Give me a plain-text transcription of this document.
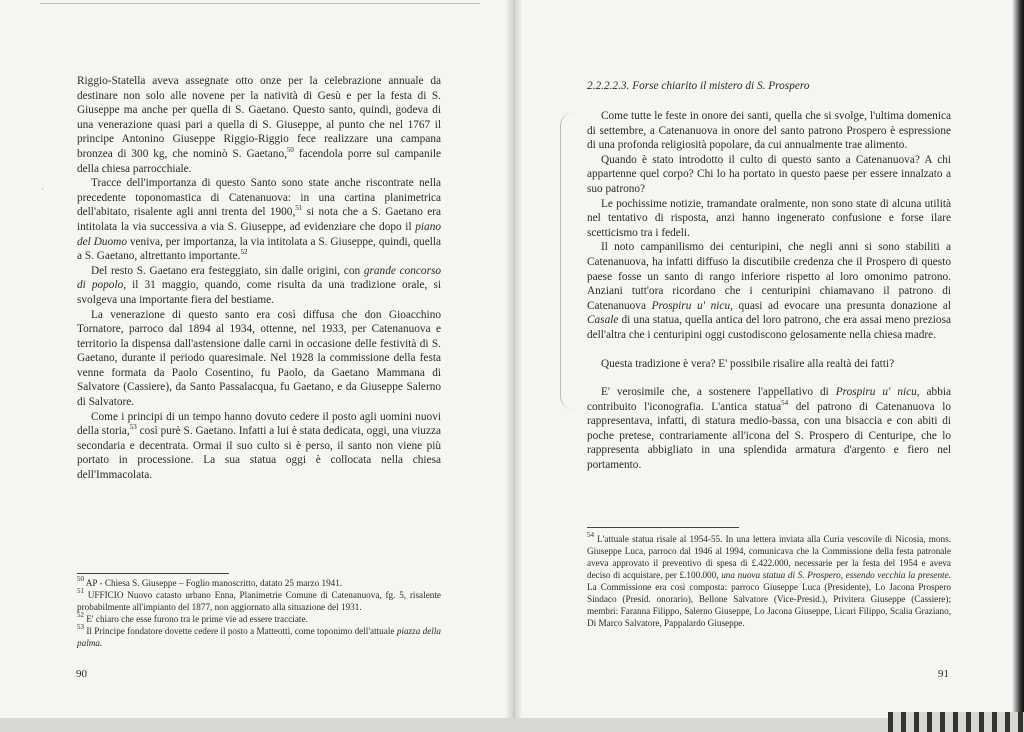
·

Riggio-Statella aveva assegnate otto onze per la celebrazione annuale da destinare non solo alle novene per la natività di Gesù e per la festa di S. Giuseppe ma anche per quella di S. Gaetano. Questo santo, quindi, godeva di una venerazione quasi pari a quella di S. Giuseppe, al punto che nel 1767 il principe Antonino Giuseppe Riggio-Riggio fece realizzare una campana bronzea di 300 kg, che nominò S. Gaetano,$^{50}$ facendola porre sul campanile della chiesa parrocchiale.

Tracce dell'importanza di questo Santo sono state anche riscontrate nella precedente toponomastica di Catenanuova: in una cartina planimetrica dell'abitato, risalente agli anni trenta del 1900,51 si nota che a S. Gaetano era intitolata la via successiva a via S. Giuseppe, ad evidenziare che dopo il piano del Duomo veniva, per importanza, la via intitolata a S. Giuseppe, quindi, quella a S. Gaetano, altrettanto importante.$^{52}$

Del resto S. Gaetano era festeggiato, sin dalle origini, con grande concorso di popolo, il 31 maggio, quando, come risulta da una tradizione orale, si svolgeva una importante fiera del bestiame.

La venerazione di questo santo era così diffusa che don Gioacchino Tornatore, parroco dal 1894 al 1934, ottenne, nel 1933, per Catenanuova e territorio la dispensa dall'astensione dalle carni in occasione delle festività di S. Gaetano, durante il periodo quaresimale. Nel 1928 la commissione della festa venne formata da Paolo Cosentino, fu Paolo, da Gaetano Mammana di Salvatore (Cassiere), da Santo Passalacqua, fu Gaetano, e da Giuseppe Salerno di Salvatore.

Come i principi di un tempo hanno dovuto cedere il posto agli uomini nuovi della storia,$^{53}$ così purè S. Gaetano. Infatti a lui è stata dedicata, oggi, una viuzza secondaria e decentrata. Ormai il suo culto si è perso, il santo non viene più portato in processione. La sua statua oggi è collocata nella chiesa dell'Immacolata.

$^{50}$ AP - Chiesa S. Giuseppe – Foglio manoscritto, datato 25 marzo 1941.

$^{51}$ UFFICIO Nuovo catasto urbano Enna, Planimetrie Comune di Catenanuova, fg. 5, risalente probabilmente all'impianto del 1877, non aggiornato alla situazione del 1931.

$^{52}$ E' chiaro che esse furono tra le prime vie ad essere tracciate.

$^{53}$ Il Principe fondatore dovette cedere il posto a Matteotti, come toponimo dell'attuale piazza della palma.

90
2.2.2.2.3. Forse chiarito il mistero di S. Prospero

Come tutte le feste in onore dei santi, quella che si svolge, l'ultima domenica di settembre, a Catenanuova in onore del santo patrono Prospero è espressione di una profonda religiosità popolare, da cui annualmente trae alimento.

Quando è stato introdotto il culto di questo santo a Catenanuova? A chi appartenne quel corpo? Chi lo ha portato in questo paese per essere innalzato a suo patrono?

Le pochissime notizie, tramandate oralmente, non sono state di alcuna utilità nel tentativo di risposta, anzi hanno ingenerato confusione e forse ilare scetticismo tra i fedeli.

Il noto campanilismo dei centuripini, che negli anni si sono stabiliti a Catenanuova, ha infatti diffuso la discutibile credenza che il Prospero di questo paese fosse un santo di rango inferiore rispetto al loro omonimo patrono. Anziani tutt'ora ricordano che i centuripini chiamavano il patrono di Catenanuova Prospiru u' nicu, quasi ad evocare una presunta donazione al Casale di una statua, quella antica del loro patrono, che era assai meno preziosa dell'altra che i centuripini oggi custodiscono gelosamente nella chiesa madre.

Questa tradizione è vera? E' possibile risalire alla realtà dei fatti?

E' verosimile che, a sostenere l'appellativo di Prospiru u' nicu, abbia contribuito l'iconografia. L'antica statua$^{54}$ del patrono di Catenanuova lo rappresentava, infatti, di statura medio-bassa, con una bisaccia e con abiti di poche pretese, contrariamente all'icona del S. Prospero di Centuripe, che lo rappresenta abbigliato in una splendida armatura d'argento e fiero nel portamento.

$^{54}$ L'attuale statua risale al 1954-55. In una lettera inviata alla Curia vescovile di Nicosia, mons. Giuseppe Luca, parroco dal 1946 al 1994, comunicava che la Commissione della festa patronale aveva approvato il preventivo di spesa di £.422.000, necessarie per la festa del 1954 e aveva deciso di acquistare, per £.100.000, una nuova statua di S. Prospero, essendo vecchia la presente. La Commissione era così composta: parroco Giuseppe Luca (Presidente), Lo Jacona Prospero Sindaco (Presid. onorario), Bellone Salvatore (Vice-Presid.), Privitera Giuseppe (Cassiere); membri: Faranna Filippo, Salerno Giuseppe, Lo Jacona Giuseppe, Licari Filippo, Scalia Graziano, Di Marco Salvatore, Pappalardo Giuseppe.

91
